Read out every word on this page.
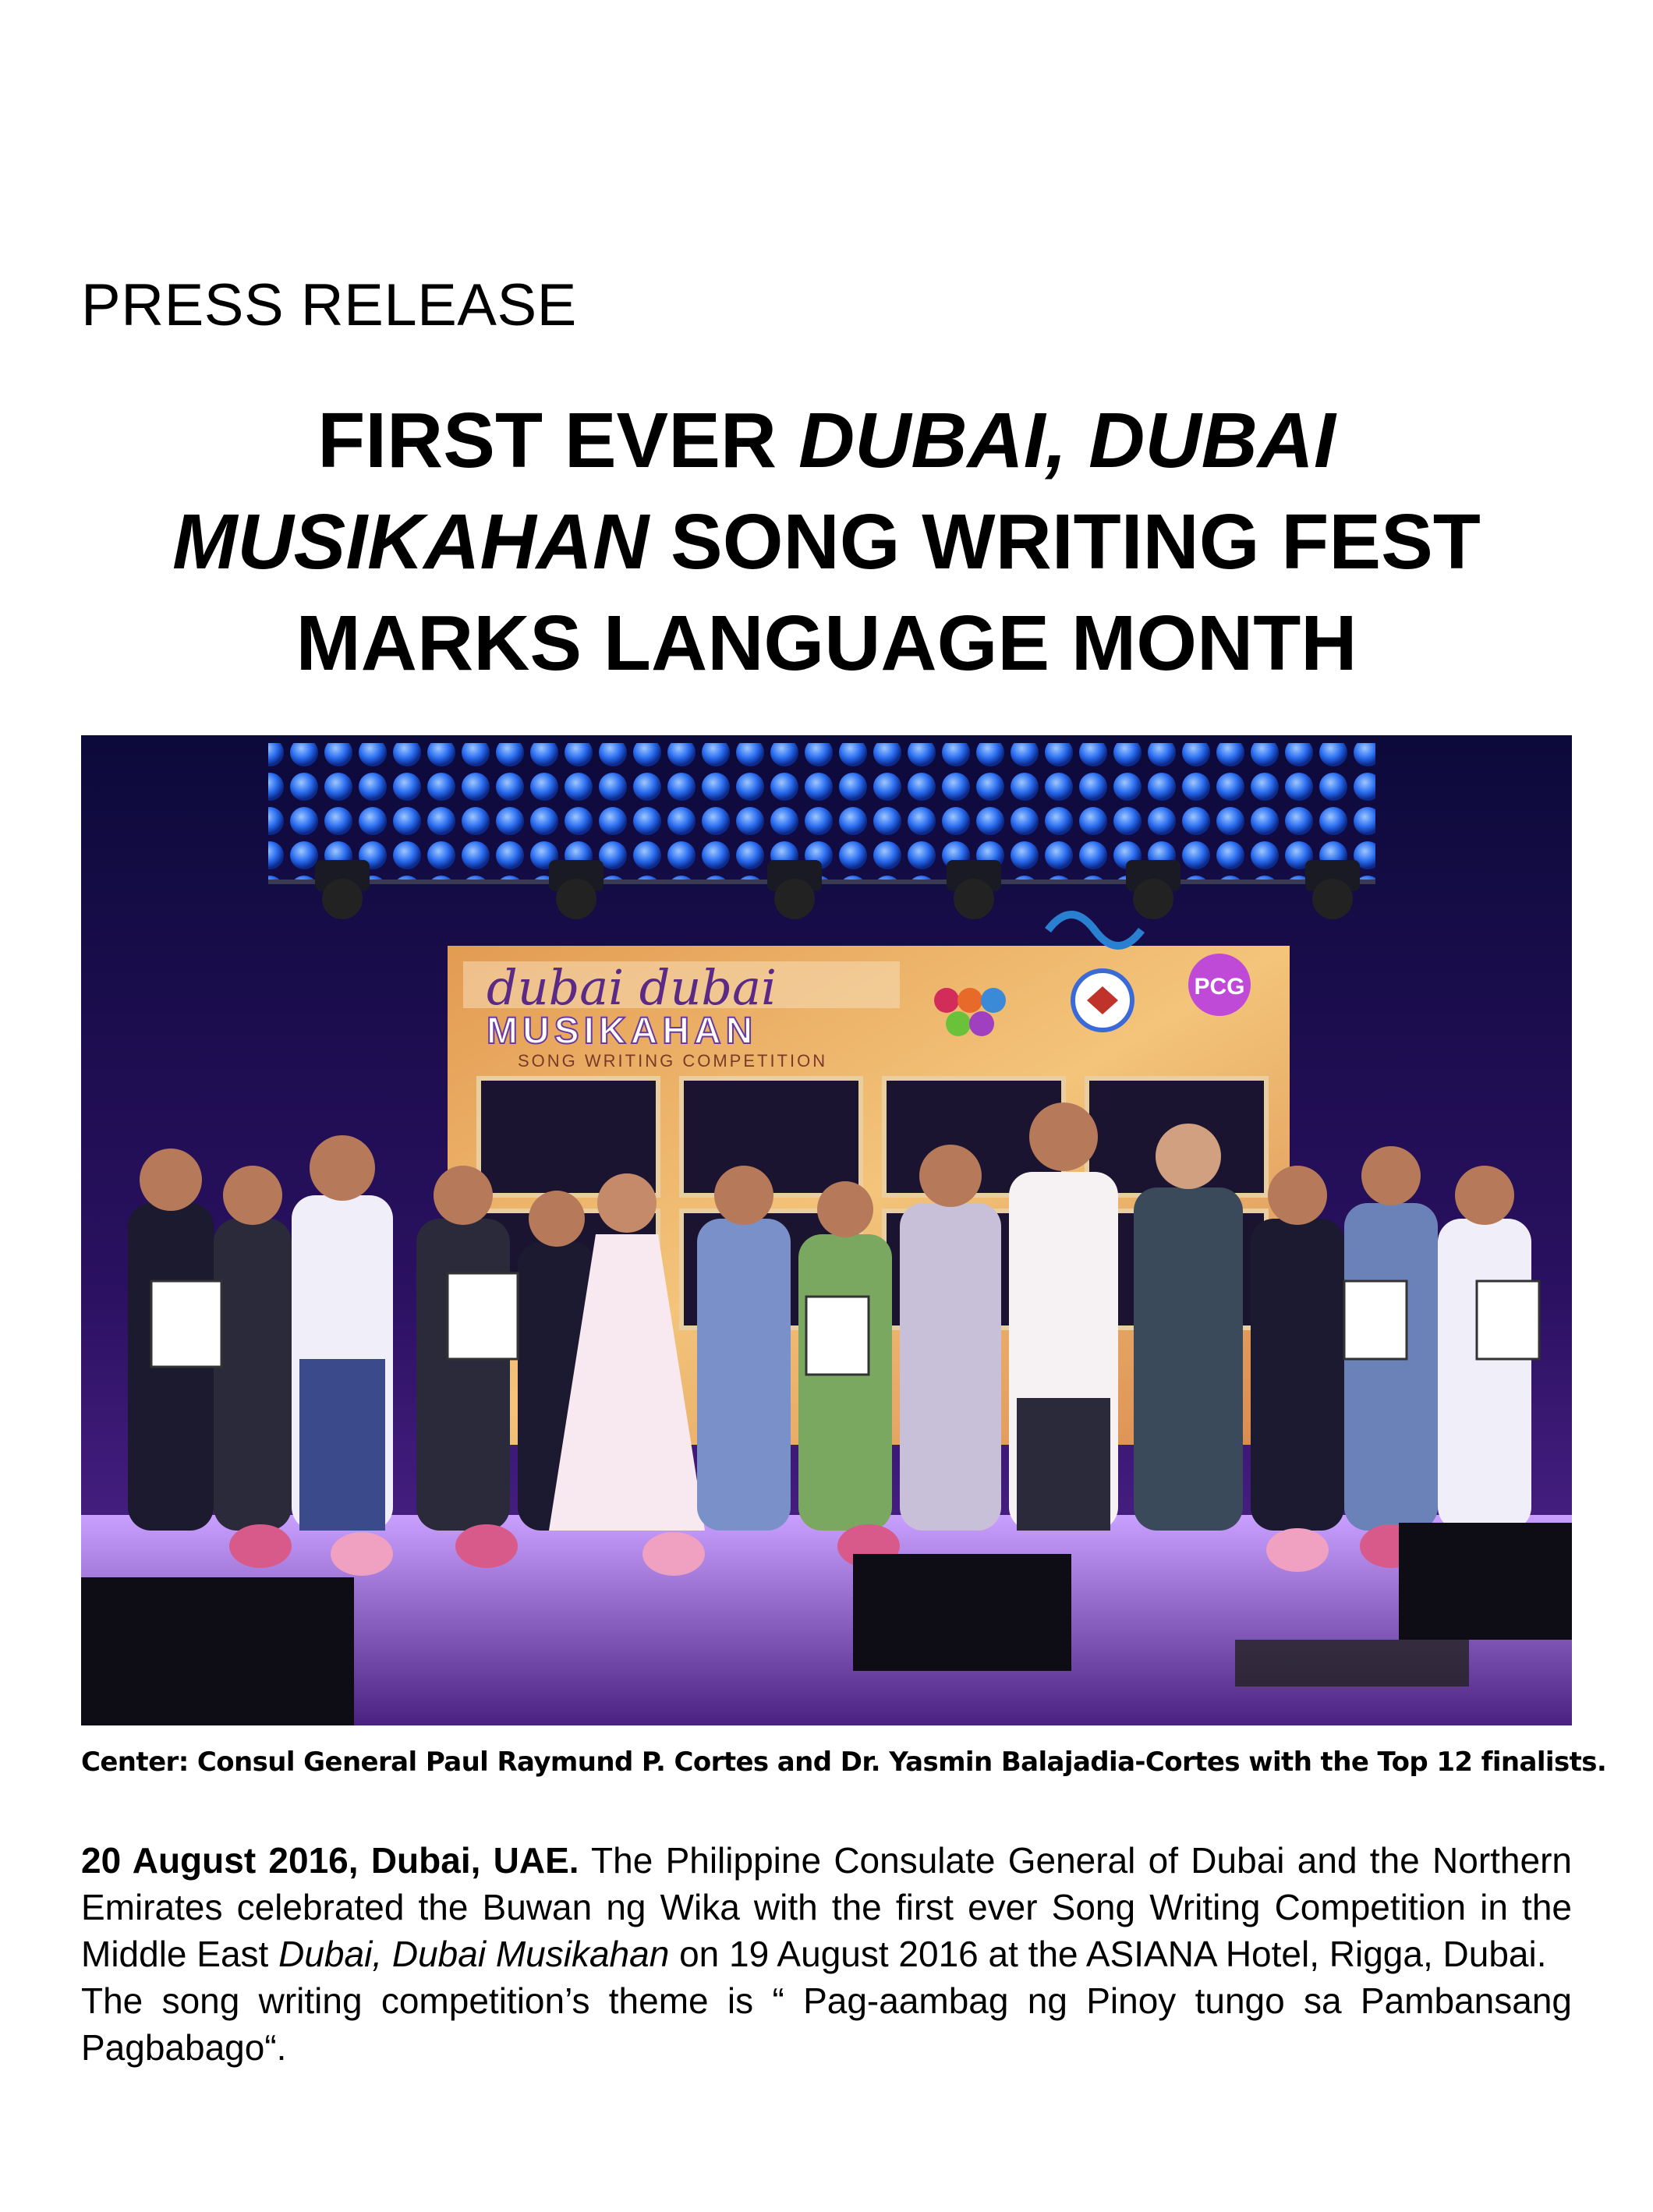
PRESS RELEASE
FIRST EVER DUBAI, DUBAI
MUSIKAHAN SONG WRITING FEST
MARKS LANGUAGE MONTH
dubai dubai
MUSIKAHAN
SONG WRITING COMPETITION
PCG
Center: Consul General Paul Raymund P. Cortes and Dr. Yasmin Balajadia-Cortes with the Top 12 finalists.

20 August 2016, Dubai, UAE. The Philippine Consulate General of Dubai and the Northern Emirates celebrated the Buwan ng Wika with the first ever Song Writing Competition in the Middle East Dubai, Dubai Musikahan on 19 August 2016 at the ASIANA Hotel, Rigga, Dubai.

The song writing competition’s theme is “ Pag-aambag ng Pinoy tungo sa Pambansang Pagbabago“.
